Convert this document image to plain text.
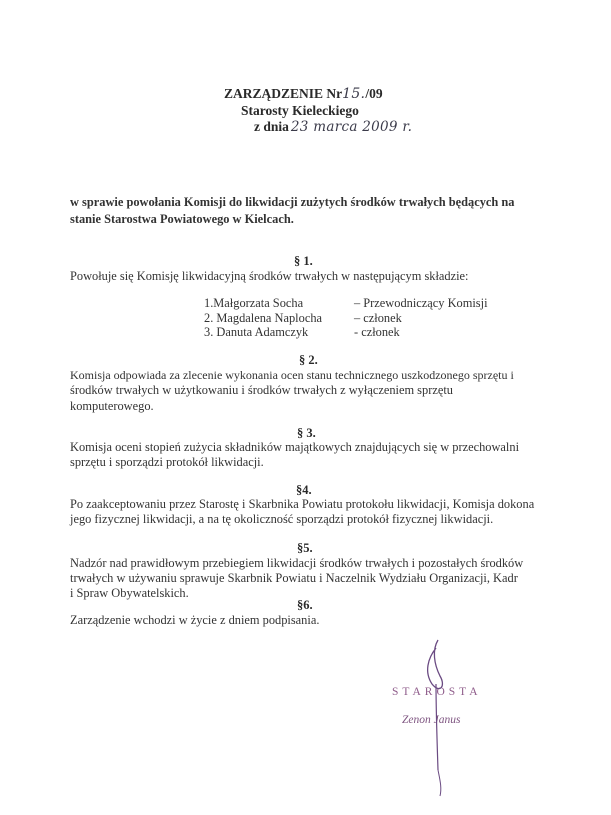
ZARZĄDZENIE Nr15./09
Starosty Kieleckiego
z dnia 23 marca 2009 r.
w sprawie powołania Komisji do likwidacji zużytych środków trwałych będących na
stanie Starostwa Powiatowego w Kielcach.
§ 1.
Powołuje się Komisję likwidacyjną środków trwałych w następującym składzie:
1.Małgorzata Socha	– Przewodniczący Komisji
2. Magdalena Naplocha	– członek
3. Danuta Adamczyk	- członek
§ 2.
Komisja odpowiada za zlecenie wykonania ocen stanu technicznego uszkodzonego sprzętu i
środków trwałych w użytkowaniu i środków trwałych z wyłączeniem sprzętu
komputerowego.
§ 3.
Komisja oceni stopień zużycia składników majątkowych znajdujących się w przechowalni
sprzętu i sporządzi protokół likwidacji.
§4.
Po zaakceptowaniu przez Starostę i Skarbnika Powiatu protokołu likwidacji, Komisja dokona
jego fizycznej likwidacji, a na tę okoliczność sporządzi protokół fizycznej likwidacji.
§5.
Nadzór nad prawidłowym przebiegiem likwidacji środków trwałych i pozostałych środków
trwałych w używaniu sprawuje Skarbnik Powiatu i Naczelnik Wydziału Organizacji, Kadr
i Spraw Obywatelskich.
§6.
Zarządzenie wchodzi w życie z dniem podpisania.
STAROSTA
Zenon Janus
